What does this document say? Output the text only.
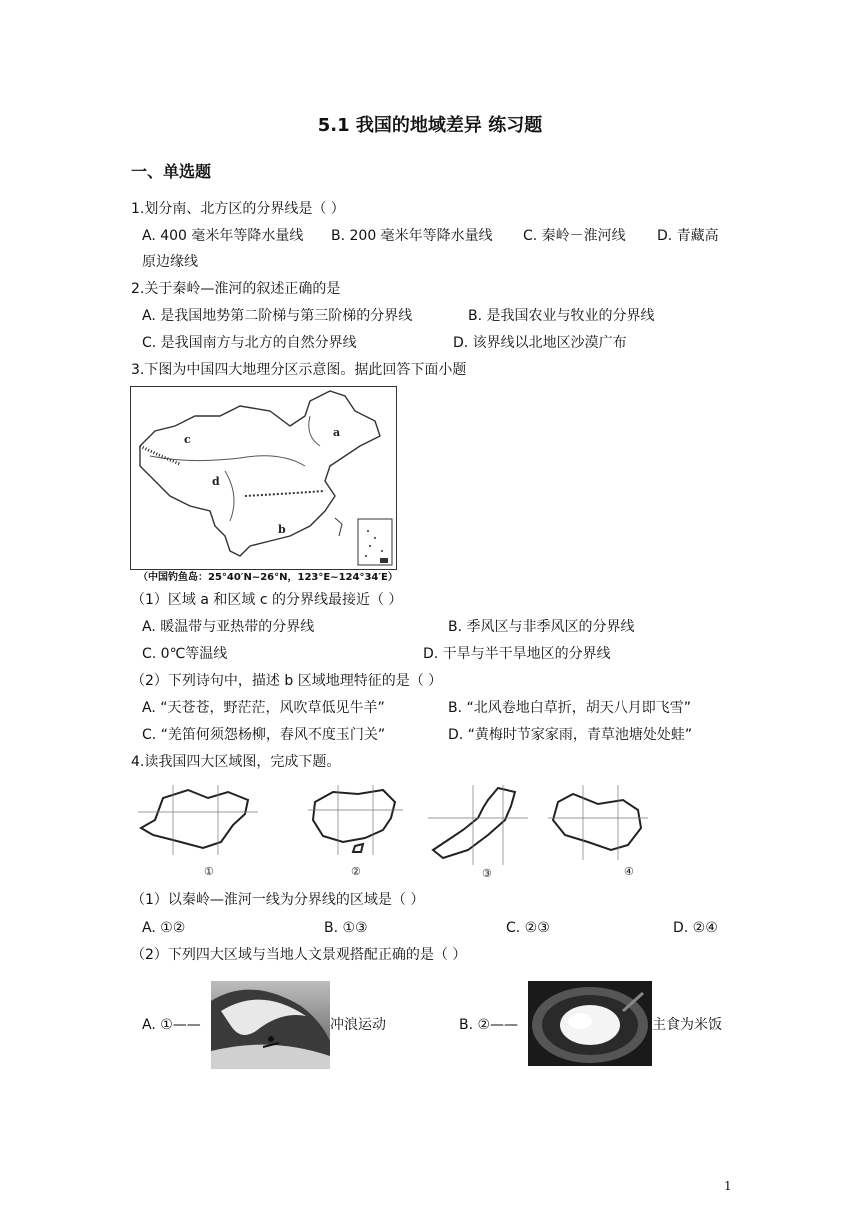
5.1 我国的地域差异 练习题
一、单选题
1.划分南、北方区的分界线是（ ）
A. 400 毫米年等降水量线 B. 200 毫米年等降水量线 C. 秦岭－淮河线 D. 青藏高
原边缘线
2.关于秦岭—淮河的叙述正确的是
A. 是我国地势第二阶梯与第三阶梯的分界线	B. 是我国农业与牧业的分界线
C. 是我国南方与北方的自然分界线	D. 该界线以北地区沙漠广布
3.下图为中国四大地理分区示意图。据此回答下面小题
a
b
c
d
（中国钓鱼岛：25°40′N~26°N，123°E~124°34′E）
（1）区域 a 和区域 c 的分界线最接近（ ）
A. 暖温带与亚热带的分界线	B. 季风区与非季风区的分界线
C. 0℃等温线	D. 干旱与半干旱地区的分界线
（2）下列诗句中，描述 b 区域地理特征的是（ ）
A. “天苍苍，野茫茫，风吹草低见牛羊”	B. “北风卷地白草折，胡天八月即飞雪”
C. “羌笛何须怨杨柳，春风不度玉门关”	D. “黄梅时节家家雨，青草池塘处处蛙”
4.读我国四大区域图，完成下题。
①	②	③	④
（1）以秦岭—淮河一线为分界线的区域是（ ）
A. ①②	B. ①③	C. ②③	D. ②④
（2）下列四大区域与当地人文景观搭配正确的是（ ）
A. ①——	冲浪运动	B. ②——	主食为米饭
1
